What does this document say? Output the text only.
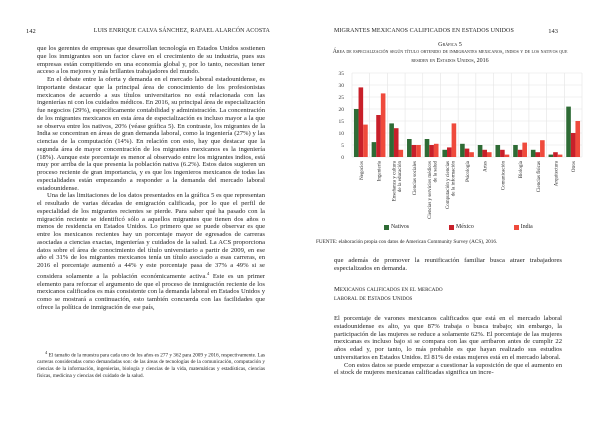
142	LUIS ENRIQUE CALVA SÁNCHEZ, RAFAEL ALARCÓN ACOSTA

que los gerentes de empresas que desarrollan tecnología en Estados Unidos sostienen que los inmigrantes son un factor clave en el crecimiento de su industria, pues sus empresas están compitiendo en una economía global y, por lo tanto, necesitan tener acceso a los mejores y más brillantes trabajadores del mundo.

En el debate entre la oferta y demanda en el mercado laboral estadounidense, es importante destacar que la principal área de conocimiento de los profesionistas mexicanos de acuerdo a sus títulos universitarios no está relacionada con las ingenierías ni con los cuidados médicos. En 2016, su principal área de especialización fue negocios (29%), específicamente contabilidad y administración. La concentración de los migrantes mexicanos en esta área de especialización es incluso mayor a la que se observa entre los nativos, 20% (véase gráfica 5). En contraste, los migrantes de la India se concentran en áreas de gran demanda laboral, como la ingeniería (27%) y las ciencias de la computación (14%). En relación con esto, hay que destacar que la segunda área de mayor concentración de los migrantes mexicanos es la ingeniería (18%). Aunque este porcentaje es menor al observado entre los migrantes indios, está muy por arriba de la que presenta la población nativa (6.2%). Estos datos sugieren un proceso reciente de gran importancia, y es que los ingenieros mexicanos de todas las especialidades están empezando a responder a la demanda del mercado laboral estadounidense.

Una de las limitaciones de los datos presentados en la gráfica 5 es que representan el resultado de varias décadas de emigración calificada, por lo que el perfil de especialidad de los migrantes recientes se pierde. Para saber qué ha pasado con la migración reciente se identificó sólo a aquellos migrantes que tienen dos años o menos de residencia en Estados Unidos. Lo primero que se puede observar es que entre los mexicanos recientes hay un porcentaje mayor de egresados de carreras asociadas a ciencias exactas, ingenierías y cuidados de la salud. La ACS proporciona datos sobre el área de conocimiento del título universitario a partir de 2009, en ese año el 31% de los migrantes mexicanos tenía un título asociado a esas carreras, en 2016 el porcentaje aumentó a 44% y este porcentaje pasa de 37% a 49% si se considera solamente a la población económicamente activa.$^4$ Este es un primer elemento para reforzar el argumento de que el proceso de inmigración reciente de los mexicanos calificados es más consistente con la demanda laboral en Estados Unidos y como se mostrará a continuación, esto también concuerda con las facilidades que ofrece la política de inmigración de ese país,

$^4$ El tamaño de la muestra para cada uno de los años es 277 y 362 para 2009 y 2016, respectivamente. Las carreras consideradas como demandadas son: de las áreas de tecnologías de la comunicación, computación y ciencias de la información, ingenierías, biología y ciencias de la vida, matemáticas y estadísticas, ciencias físicas, medicina y ciencias del cuidado de la salud.
MIGRANTES MEXICANOS CALIFICADOS EN ESTADOS UNIDOS	143
Gráfica 5
Área de especialización según título obtenido de inmigrantes mexicanos, indios y de los nativos que residen en Estados Unidos, 2016
0
5
10
15
20
25
30
35
Negocios	Ingeniería Enseñanza y culturade la educación Ciencias sociales Ciencias y servicios médicosde la salud Computación y cienciasde la información Psicología	Artes	Comunicación	Biología	Ciencias físicas	Arquitectura	Otros
Nativos	México	India
FUENTE: elaboración propia con datos de American Community Survey (ACS), 2016.

que además de promover la reunificación familiar busca atraer trabajadores especializados en demanda.

Mexicanos calificados en el mercado
laboral de Estados Unidos

El porcentaje de varones mexicanos calificados que está en el mercado laboral estadounidense es alto, ya que 87% trabaja o busca trabajo; sin embargo, la participación de las mujeres se reduce a solamente 62%. El porcentaje de las mujeres mexicanas es incluso bajo si se compara con las que arribaron antes de cumplir 22 años edad y, por tanto, lo más probable es que hayan realizado sus estudios universitarios en Estados Unidos. El 81% de estas mujeres está en el mercado laboral.

Con estos datos se puede empezar a cuestionar la suposición de que el aumento en el stock de mujeres mexicanas calificadas significa un incre-
